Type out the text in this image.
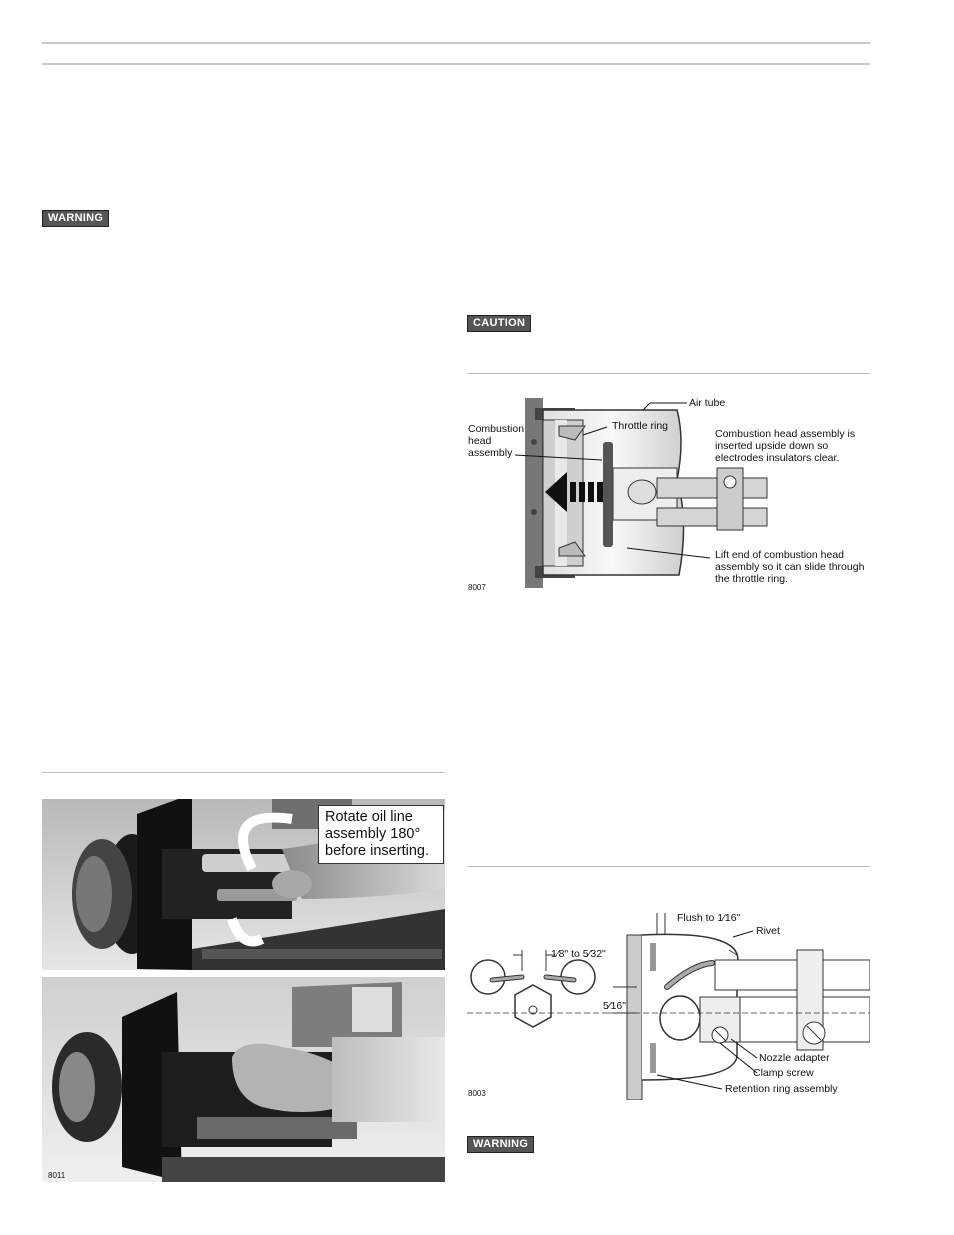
WARNING
CAUTION
WARNING
Rotate oil line assembly 180° before inserting.
8011
Air tube
Throttle ring
Combustion head assembly
Combustion head assembly is inserted upside down so electrodes insulators clear.
Lift end of combustion head assembly so it can slide through the throttle ring.
8007
Flush to 1⁄16"
1⁄8" to 5⁄32"
5⁄16"
Rivet
Nozzle adapter
Clamp screw
Retention ring assembly
8003
